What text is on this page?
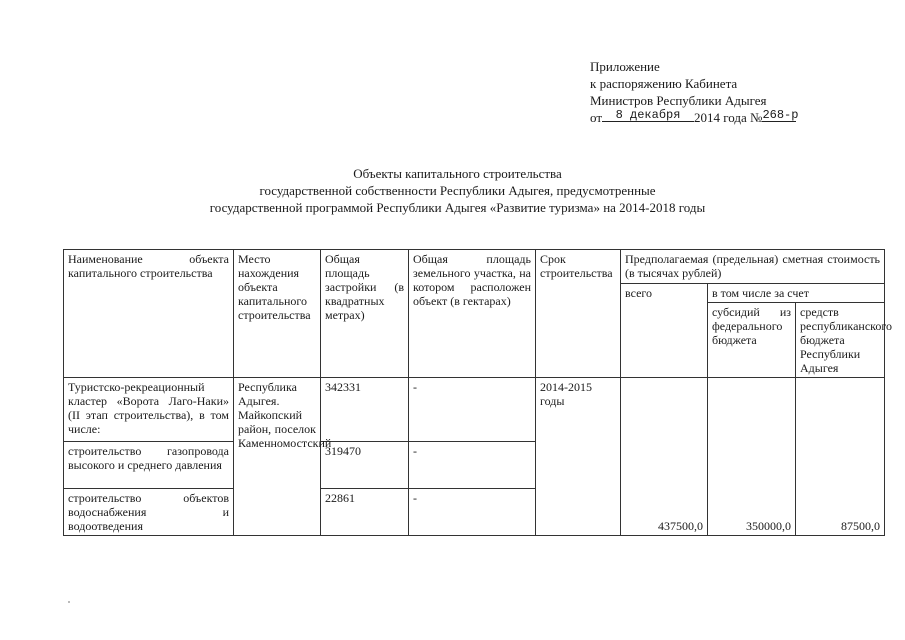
Приложение
к распоряжению Кабинета
Министров Республики Адыгея
от 8 декабря 2014 года №268-р
Объекты капитального строительства
государственной собственности Республики Адыгея, предусмотренные
государственной программой Республики Адыгея «Развитие туризма» на 2014-2018 годы
Наименование объекта капитального строительства	Место нахождения объекта капитального строительства	Общая площадь застройки (в квадратных метрах)	Общая площадь земельного участка, на котором расположен объект (в гектарах)	Срок строительства	Предполагаемая (предельная) сметная стоимость (в тысячах рублей)		
					всего	в том числе за счет	
						субсидий из федерального бюджета	средств республиканского бюджета Республики Адыгея
Туристско-рекреационный кластер «Ворота Лаго-Наки» (II этап строительства), в том числе:	Республика Адыгея. Майкопский район, поселок Каменномостский	342331	-	2014-2015 годы	437500,0	350000,0	87500,0
строительство газопровода высокого и среднего давления		319470	-				
строительство объектов водоснабжения и водоотведения		22861	-				
